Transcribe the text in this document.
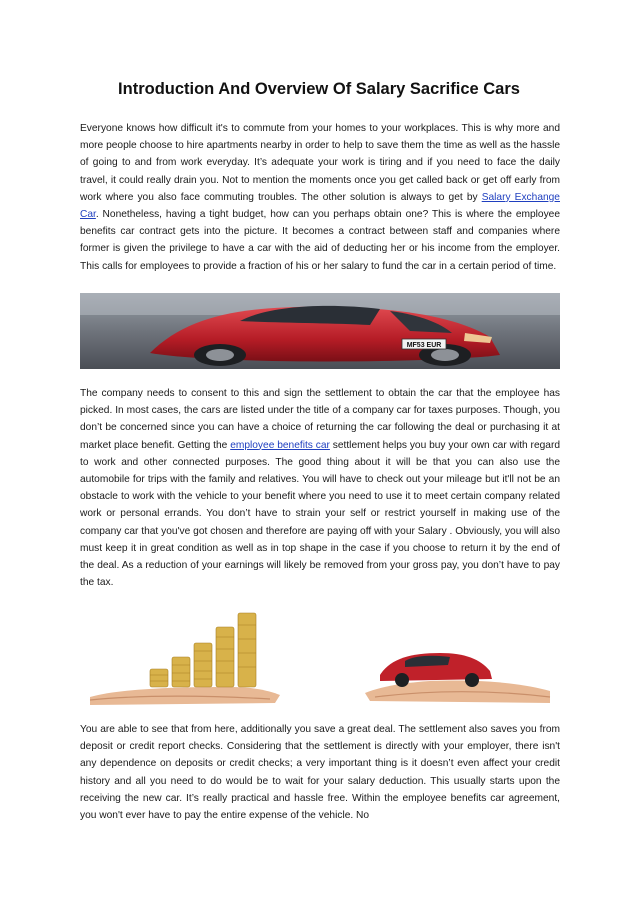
Introduction And Overview Of Salary Sacrifice Cars

Everyone knows how difficult it's to commute from your homes to your workplaces. This is why more and more people choose to hire apartments nearby in order to help to save them the time as well as the hassle of going to and from work everyday. It’s adequate your work is tiring and if you need to face the daily travel, it could really drain you. Not to mention the moments once you get called back or get off early from work where you also face commuting troubles. The other solution is always to get by Salary Exchange Car. Nonetheless, having a tight budget, how can you perhaps obtain one? This is where the employee benefits car contract gets into the picture. It becomes a contract between staff and companies where former is given the privilege to have a car with the aid of deducting her or his income from the employer. This calls for employees to provide a fraction of his or her salary to fund the car in a certain period of time.

MF53 EUR

The company needs to consent to this and sign the settlement to obtain the car that the employee has picked. In most cases, the cars are listed under the title of a company car for taxes purposes. Though, you don’t be concerned since you can have a choice of returning the car following the deal or purchasing it at market place benefit. Getting the employee benefits car settlement helps you buy your own car with regard to work and other connected purposes. The good thing about it will be that you can also use the automobile for trips with the family and relatives. You will have to check out your mileage but it'll not be an obstacle to work with the vehicle to your benefit where you need to use it to meet certain company related work or personal errands. You don’t have to strain your self or restrict yourself in making use of the company car that you've got chosen and therefore are paying off with your Salary . Obviously, you will also must keep it in great condition as well as in top shape in the case if you choose to return it by the end of the deal. As a reduction of your earnings will likely be removed from your gross pay, you don’t have to pay the tax.

You are able to see that from here, additionally you save a great deal. The settlement also saves you from deposit or credit report checks. Considering that the settlement is directly with your employer, there isn't any dependence on deposits or credit checks; a very important thing is it doesn’t even affect your credit history and all you need to do would be to wait for your salary deduction. This usually starts upon the receiving the new car. It’s really practical and hassle free. Within the employee benefits car agreement, you won't ever have to pay the entire expense of the vehicle. No
